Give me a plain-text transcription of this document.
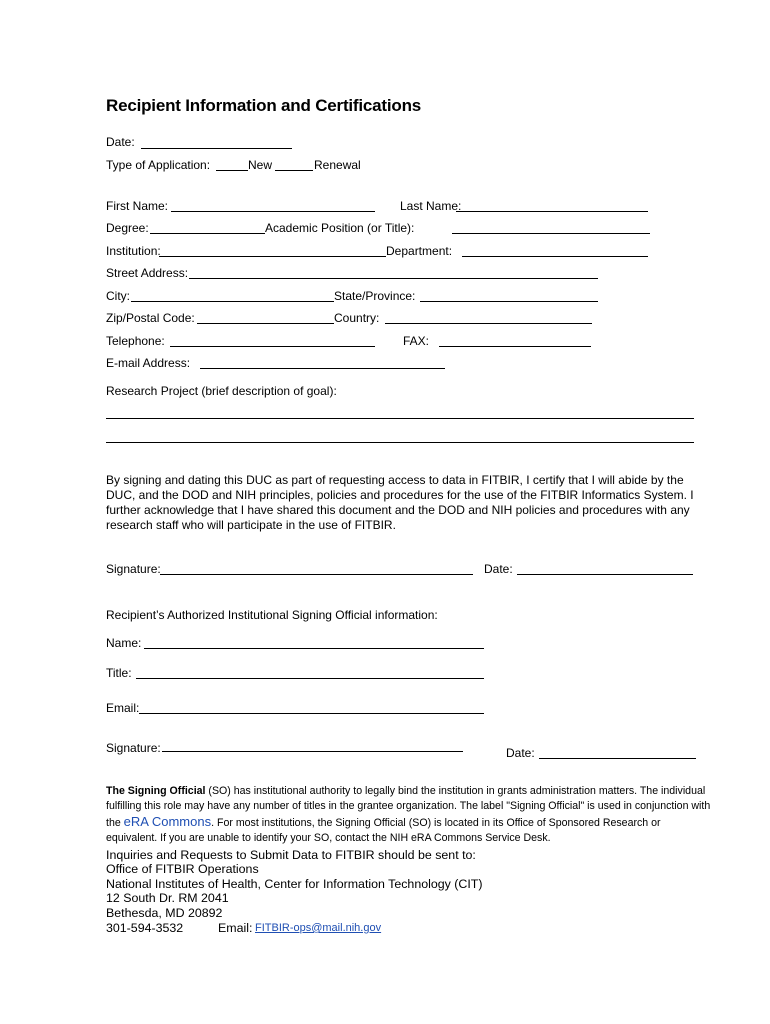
Recipient Information and Certifications
Date:
Type of Application:	New	Renewal
First Name:	Last Name:
Degree:	Academic Position (or Title):
Institution:	Department:
Street Address:
City:	State/Province:
Zip/Postal Code:	Country:
Telephone:	FAX:
E-mail Address:
Research Project (brief description of goal):
By signing and dating this DUC as part of requesting access to data in FITBIR, I certify that I will abide by the DUC, and the DOD and NIH principles, policies and procedures for the use of the FITBIR Informatics System. I further acknowledge that I have shared this document and the DOD and NIH policies and procedures with any research staff who will participate in the use of FITBIR.
Signature:	Date:
Recipient’s Authorized Institutional Signing Official information:
Name:
Title:
Email:
Signature:	Date:
The Signing Official (SO) has institutional authority to legally bind the institution in grants administration matters. The individual fulfilling this role may have any number of titles in the grantee organization. The label "Signing Official" is used in conjunction with the eRA Commons. For most institutions, the Signing Official (SO) is located in its Office of Sponsored Research or equivalent. If you are unable to identify your SO, contact the NIH eRA Commons Service Desk.
Inquiries and Requests to Submit Data to FITBIR should be sent to:
Office of FITBIR Operations
National Institutes of Health, Center for Information Technology (CIT)
12 South Dr. RM 2041
Bethesda, MD 20892
301-594-3532	Email: FITBIR-ops@mail.nih.gov
